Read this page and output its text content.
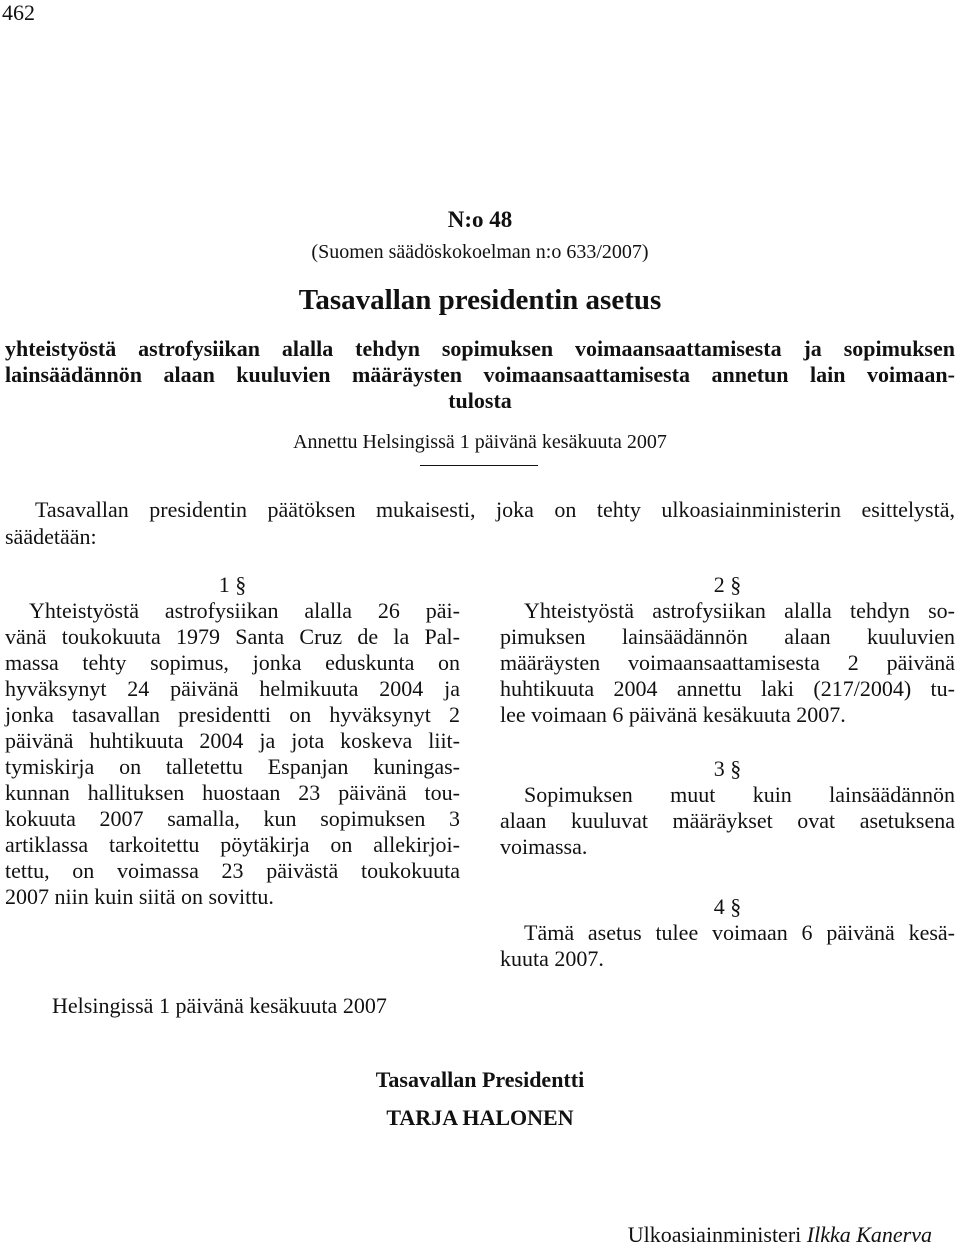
462
N:o 48
(Suomen säädöskokoelman n:o 633/2007)
Tasavallan presidentin asetus
yhteistyöstä astrofysiikan alalla tehdyn sopimuksen voimaansaattamisesta ja sopimuksen
lainsäädännön alaan kuuluvien määräysten voimaansaattamisesta annetun lain voimaan-
tulosta
Annettu Helsingissä 1 päivänä kesäkuuta 2007
Tasavallan presidentin päätöksen mukaisesti, joka on tehty ulkoasiainministerin esittelystä,
säädetään:
1 §
Yhteistyöstä astrofysiikan alalla 26 päi-
vänä toukokuuta 1979 Santa Cruz de la Pal-
massa tehty sopimus, jonka eduskunta on
hyväksynyt 24 päivänä helmikuuta 2004 ja
jonka tasavallan presidentti on hyväksynyt 2
päivänä huhtikuuta 2004 ja jota koskeva liit-
tymiskirja on talletettu Espanjan kuningas-
kunnan hallituksen huostaan 23 päivänä tou-
kokuuta 2007 samalla, kun sopimuksen 3
artiklassa tarkoitettu pöytäkirja on allekirjoi-
tettu, on voimassa 23 päivästä toukokuuta
2007 niin kuin siitä on sovittu.
2 §
Yhteistyöstä astrofysiikan alalla tehdyn so-
pimuksen lainsäädännön alaan kuuluvien
määräysten voimaansaattamisesta 2 päivänä
huhtikuuta 2004 annettu laki (217/2004) tu-
lee voimaan 6 päivänä kesäkuuta 2007.
3 §
Sopimuksen muut kuin lainsäädännön
alaan kuuluvat määräykset ovat asetuksena
voimassa.
4 §
Tämä asetus tulee voimaan 6 päivänä kesä-
kuuta 2007.
Helsingissä 1 päivänä kesäkuuta 2007
Tasavallan Presidentti
TARJA HALONEN
Ulkoasiainministeri Ilkka Kanerva
